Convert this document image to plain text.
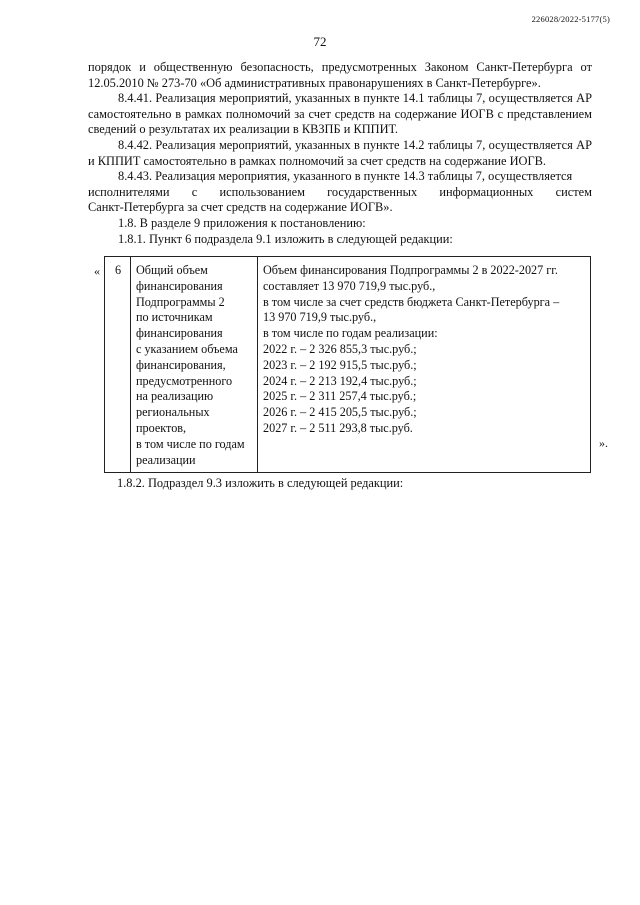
226028/2022-5177(5)
72

порядок и общественную безопасность, предусмотренных Законом Санкт-Петербурга от 12.05.2010 № 273-70 «Об административных правонарушениях в Санкт-Петербурге».

8.4.41. Реализация мероприятий, указанных в пункте 14.1 таблицы 7, осуществляется АР самостоятельно в рамках полномочий за счет средств на содержание ИОГВ с представлением сведений о результатах их реализации в КВЗПБ и КППИТ.

8.4.42. Реализация мероприятий, указанных в пункте 14.2 таблицы 7, осуществляется АР и КППИТ самостоятельно в рамках полномочий за счет средств на содержание ИОГВ.

8.4.43. Реализация мероприятия, указанного в пункте 14.3 таблицы 7, осуществляется

исполнителями с использованием государственных информационных систем

Санкт-Петербурга за счет средств на содержание ИОГВ».

1.8. В разделе 9 приложения к постановлению:

1.8.1. Пункт 6 подраздела 9.1 изложить в следующей редакции:

« 6	Общий объем
финансирования
Подпрограммы 2
по источникам
финансирования
с указанием объема
финансирования,
предусмотренного
на реализацию
региональных
проектов,
в том числе по годам
реализации

Объем финансирования Подпрограммы 2 в 2022-2027 гг.
составляет 13 970 719,9 тыс.руб.,
в том числе за счет средств бюджета Санкт-Петербурга –
13 970 719,9 тыс.руб.,
в том числе по годам реализации:
2022 г. – 2 326 855,3 тыс.руб.;
2023 г. – 2 192 915,5 тыс.руб.;
2024 г. – 2 213 192,4 тыс.руб.;
2025 г. – 2 311 257,4 тыс.руб.;
2026 г. – 2 415 205,5 тыс.руб.;
2027 г. – 2 511 293,8 тыс.руб.
».
1.8.2. Подраздел 9.3 изложить в следующей редакции:
